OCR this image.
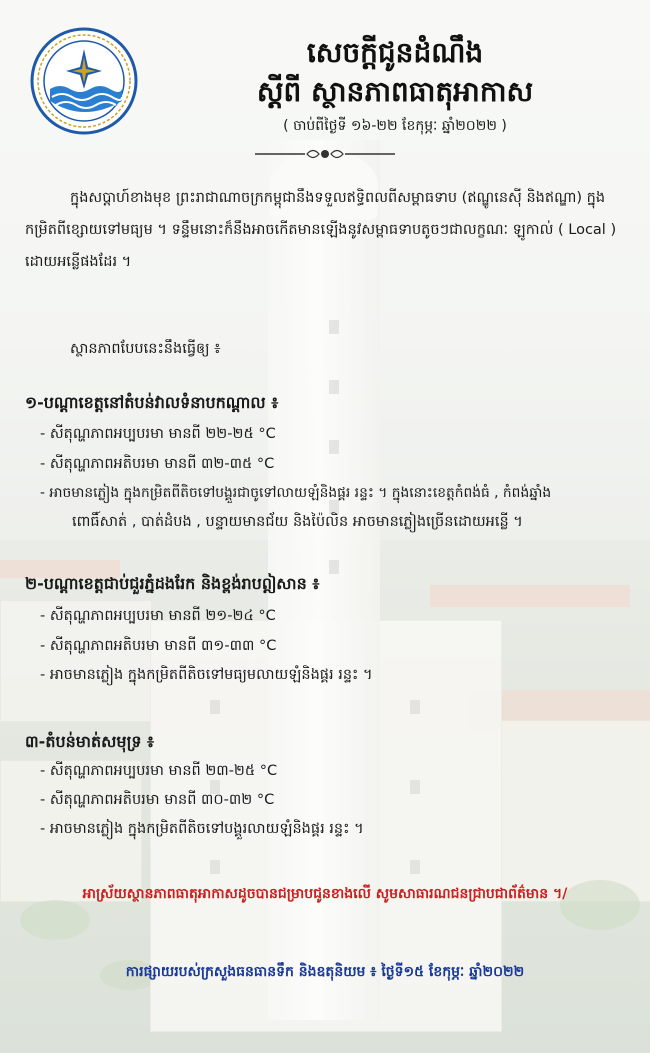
សេចក្ដីជូនដំណឹង
ស្ដីពី ស្ថានភាពធាតុអាកាស
( ចាប់ពីថ្ងៃទី ១៦-២២ ខែកុម្ភៈ ឆ្នាំ២០២២ )
ក្នុងសប្ដាហ៍ខាងមុខ ព្រះរាជាណាចក្រកម្ពុជានឹងទទួលឥទ្ធិពលពីសម្ពាធទាប (ឥណ្ឌូនេស៊ី និងឥណ្ឌា) ក្នុងកម្រិតពីខ្សោយទៅមធ្យម ។ ទន្ទឹមនោះក៏នឹងអាចកើតមានឡើងនូវសម្ពាធទាបតូចៗជាលក្ខណៈ ឡូកាល់ ( Local ) ដោយអន្លើផងដែរ ។
ស្ថានភាពបែបនេះនឹងធ្វើឲ្យ ៖
១-បណ្ដាខេត្តនៅតំបន់វាលទំនាបកណ្ដាល ៖
- សីតុណ្ហភាពអប្បបរមា មានពី ២២-២៥ °C
- សីតុណ្ហភាពអតិបរមា មានពី ៣២-៣៥ °C
- អាចមានភ្លៀង ក្នុងកម្រិតពីតិចទៅបង្គួរជាចូទៅលាយឡំនិងផ្គរ រន្ទះ ។ ក្នុងនោះខេត្តកំពង់ធំ , កំពង់ឆ្នាំង
ពោធិ៍សាត់ , បាត់ដំបង , បន្ទាយមានជ័យ និងប៉ៃលិន អាចមានភ្លៀងច្រើនដោយអន្លើ ។
២-បណ្ដាខេត្តជាប់ជួរភ្នំដងរែក និងខ្ពង់រាបឦសាន ៖
- សីតុណ្ហភាពអប្បបរមា មានពី ២១-២៤ °C
- សីតុណ្ហភាពអតិបរមា មានពី ៣១-៣៣ °C
- អាចមានភ្លៀង ក្នុងកម្រិតពីតិចទៅមធ្យមលាយឡំនិងផ្គរ រន្ទះ ។
៣-តំបន់មាត់សមុទ្រ ៖
- សីតុណ្ហភាពអប្បបរមា មានពី ២៣-២៥ °C
- សីតុណ្ហភាពអតិបរមា មានពី ៣០-៣២ °C
- អាចមានភ្លៀង ក្នុងកម្រិតពីតិចទៅបង្គួរលាយឡំនិងផ្គរ រន្ទះ ។
អាស្រ័យស្ថានភាពធាតុអាកាសដូចបានជម្រាបជូនខាងលើ សូមសាធារណជនជ្រាបជាព័ត៌មាន ។/
ការផ្សាយរបស់ក្រសួងធនធានទឹក និងឧតុនិយម ៖ ថ្ងៃទី១៥ ខែកុម្ភៈ ឆ្នាំ២០២២
